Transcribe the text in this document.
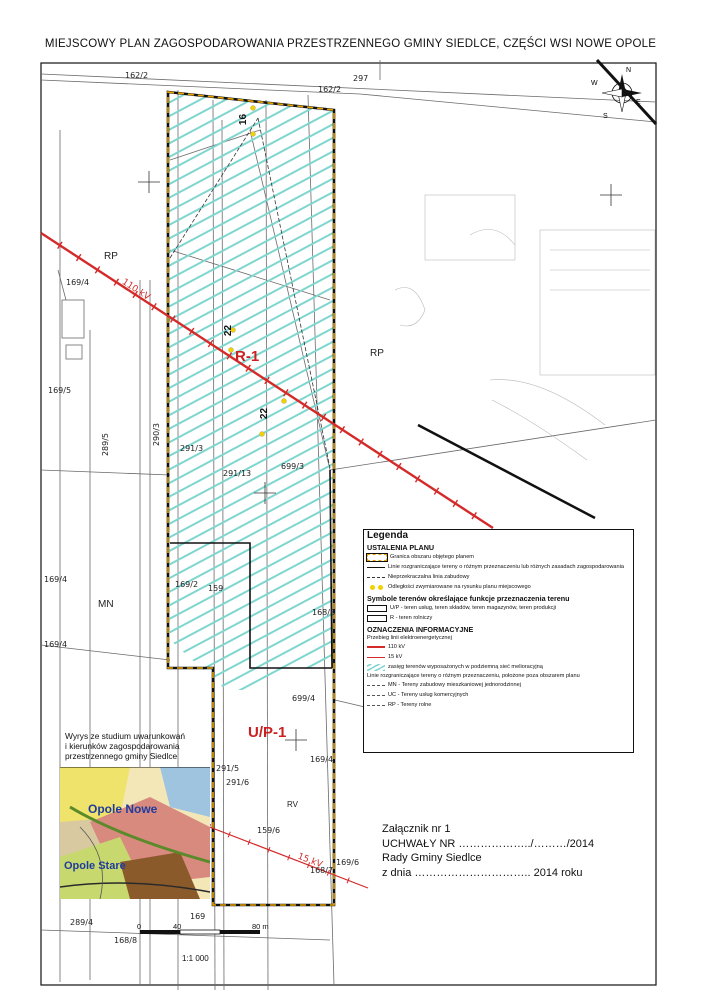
N
S
E
W
MIEJSCOWY PLAN ZAGOSPODAROWANIA PRZESTRZENNEGO GMINY SIEDLCE, CZĘŚCI WSI NOWE OPOLE
R-1
U/P-1
RP
RP
MN
RV
16
22
22
110 kV
15 kV
162/2
162/2
297
169/4
169/5
290/3
289/5	291/3
291/13
699/3
169/2 159
168/8
169/4
169/4
699/4
169/4
291/5
291/6
159/6
169/6
168/7
169
289/4
168/8
Legenda
USTALENIA PLANU
Granica obszaru objętego planem
Linie rozgraniczające tereny o różnym przeznaczeniu lub różnych zasadach zagospodarowania
Nieprzekraczalna linia zabudowy
Odległości zwymiarowane na rysunku planu miejscowego
Symbole terenów określające funkcje przeznaczenia terenu
U/P - teren usług, teren składów, teren magazynów, teren produkcji
R - teren rolniczy
OZNACZENIA INFORMACYJNE
Przebieg linii elektroenergetycznej
110 kV
15 kV
zasięg terenów wyposażonych w podziemną sieć melioracyjną
Linie rozgraniczające tereny o różnym przeznaczeniu, położone poza obszarem planu
MN - Tereny zabudowy mieszkaniowej jednorodzinnej
UC - Tereny usług komercyjnych
RP - Tereny rolne
Wyrys ze studium uwarunkowań
i kierunków zagospodarowania
przestrzennego gminy Siedlce
Opole Nowe
Opole Stare
Załącznik nr 1
UCHWAŁY NR ………………../………/2014
Rady Gminy Siedlce
z dnia ………………………….. 2014 roku
0	40	80 m
1:1 000
